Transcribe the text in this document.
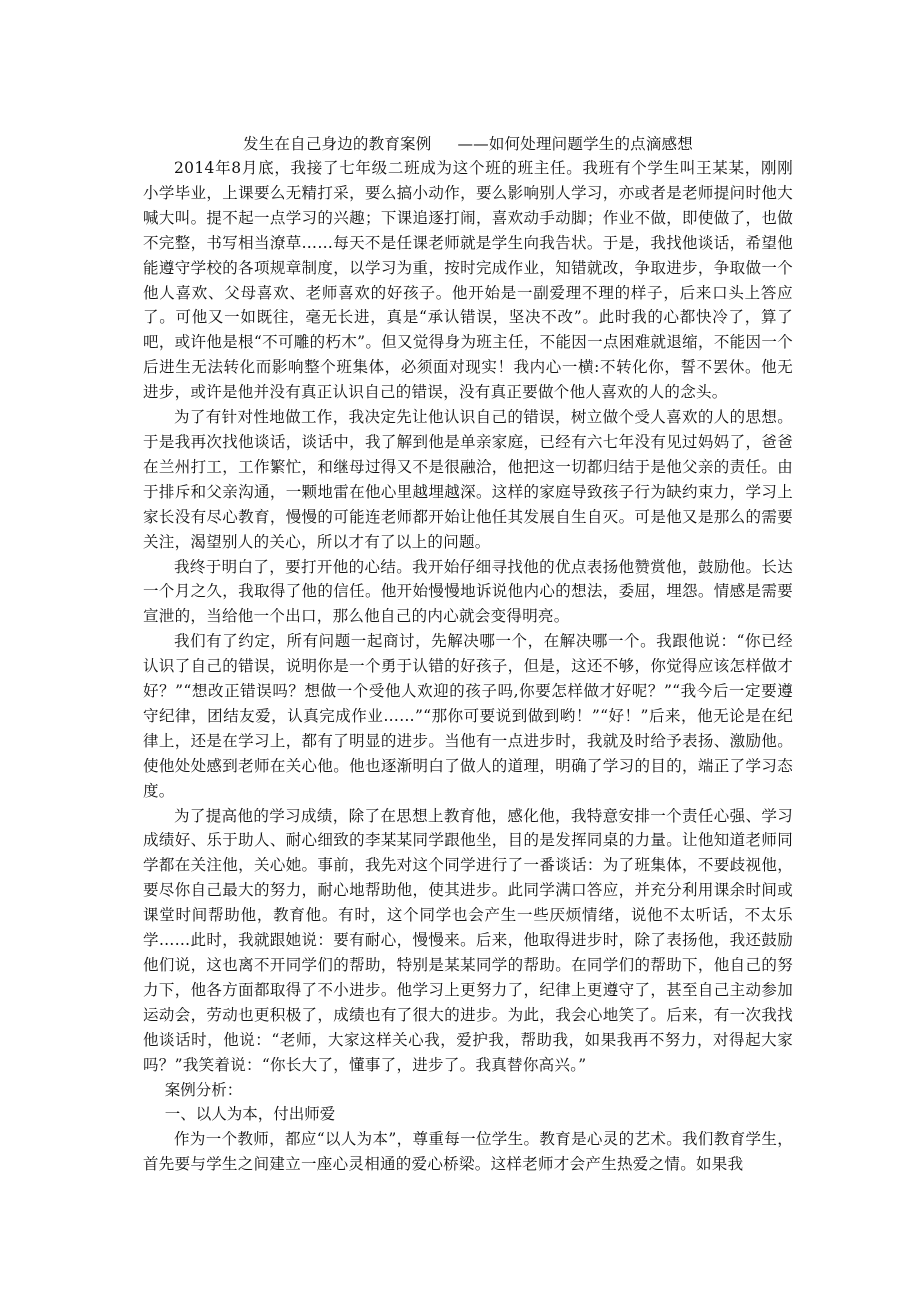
发生在自己身边的教育案例 ——如何处理问题学生的点滴感想

2014年8月底，我接了七年级二班成为这个班的班主任。我班有个学生叫王某某，刚刚小学毕业，上课要么无精打采，要么搞小动作，要么影响别人学习，亦或者是老师提问时他大喊大叫。提不起一点学习的兴趣；下课追逐打闹，喜欢动手动脚；作业不做，即使做了，也做不完整，书写相当潦草……每天不是任课老师就是学生向我告状。于是，我找他谈话，希望他能遵守学校的各项规章制度，以学习为重，按时完成作业，知错就改，争取进步，争取做一个他人喜欢、父母喜欢、老师喜欢的好孩子。他开始是一副爱理不理的样子，后来口头上答应了。可他又一如既往，毫无长进，真是“承认错误，坚决不改”。此时我的心都快冷了，算了吧，或许他是根“不可雕的朽木”。但又觉得身为班主任，不能因一点困难就退缩，不能因一个后进生无法转化而影响整个班集体，必须面对现实！我内心一横:不转化你，誓不罢休。他无进步，或许是他并没有真正认识自己的错误，没有真正要做个他人喜欢的人的念头。

为了有针对性地做工作，我决定先让他认识自己的错误，树立做个受人喜欢的人的思想。于是我再次找他谈话，谈话中，我了解到他是单亲家庭，已经有六七年没有见过妈妈了，爸爸在兰州打工，工作繁忙，和继母过得又不是很融洽，他把这一切都归结于是他父亲的责任。由于排斥和父亲沟通，一颗地雷在他心里越埋越深。这样的家庭导致孩子行为缺约束力，学习上家长没有尽心教育，慢慢的可能连老师都开始让他任其发展自生自灭。可是他又是那么的需要关注，渴望别人的关心，所以才有了以上的问题。

我终于明白了，要打开他的心结。我开始仔细寻找他的优点表扬他赞赏他，鼓励他。长达一个月之久，我取得了他的信任。他开始慢慢地诉说他内心的想法，委屈，埋怨。情感是需要宣泄的，当给他一个出口，那么他自己的内心就会变得明亮。

我们有了约定，所有问题一起商讨，先解决哪一个，在解决哪一个。我跟他说：“你已经认识了自己的错误，说明你是一个勇于认错的好孩子，但是，这还不够，你觉得应该怎样做才好？”“想改正错误吗？想做一个受他人欢迎的孩子吗,你要怎样做才好呢？”“我今后一定要遵守纪律，团结友爱，认真完成作业……”“那你可要说到做到哟！”“好！”后来，他无论是在纪律上，还是在学习上，都有了明显的进步。当他有一点进步时，我就及时给予表扬、激励他。使他处处感到老师在关心他。他也逐渐明白了做人的道理，明确了学习的目的，端正了学习态度。

为了提高他的学习成绩，除了在思想上教育他，感化他，我特意安排一个责任心强、学习成绩好、乐于助人、耐心细致的李某某同学跟他坐，目的是发挥同桌的力量。让他知道老师同学都在关注他，关心她。事前，我先对这个同学进行了一番谈话：为了班集体，不要歧视他，要尽你自己最大的努力，耐心地帮助他，使其进步。此同学满口答应，并充分利用课余时间或课堂时间帮助他，教育他。有时，这个同学也会产生一些厌烦情绪，说他不太听话，不太乐学……此时，我就跟她说：要有耐心，慢慢来。后来，他取得进步时，除了表扬他，我还鼓励他们说，这也离不开同学们的帮助，特别是某某同学的帮助。在同学们的帮助下，他自己的努力下，他各方面都取得了不小进步。他学习上更努力了，纪律上更遵守了，甚至自己主动参加运动会，劳动也更积极了，成绩也有了很大的进步。为此，我会心地笑了。后来，有一次我找他谈话时，他说：“老师，大家这样关心我，爱护我，帮助我，如果我再不努力，对得起大家吗？”我笑着说：“你长大了，懂事了，进步了。我真替你高兴。”

案例分析：

一、以人为本，付出师爱

作为一个教师，都应“以人为本”，尊重每一位学生。教育是心灵的艺术。我们教育学生，首先要与学生之间建立一座心灵相通的爱心桥梁。这样老师才会产生热爱之情。如果我
